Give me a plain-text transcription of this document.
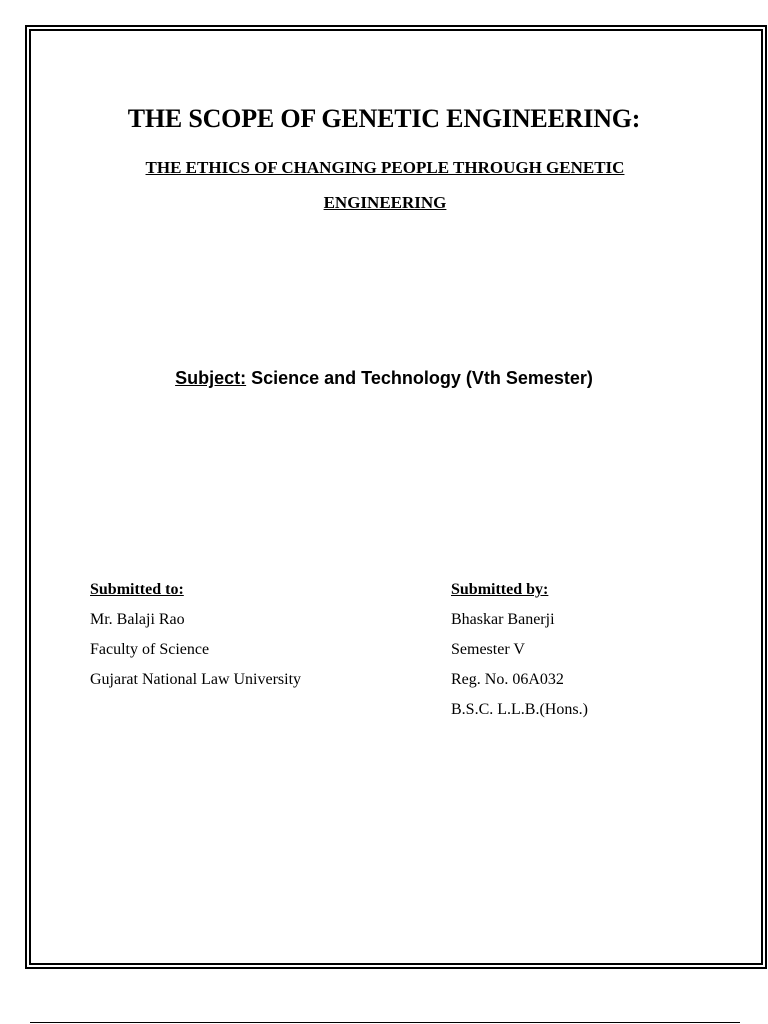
THE SCOPE OF GENETIC ENGINEERING:
THE ETHICS OF CHANGING PEOPLE THROUGH GENETIC ENGINEERING
Subject: Science and Technology (Vth Semester)
Submitted to:
Mr. Balaji Rao
Faculty of Science
Gujarat National Law University
Submitted by:
Bhaskar Banerji
Semester V
Reg. No. 06A032
B.S.C. L.L.B.(Hons.)
